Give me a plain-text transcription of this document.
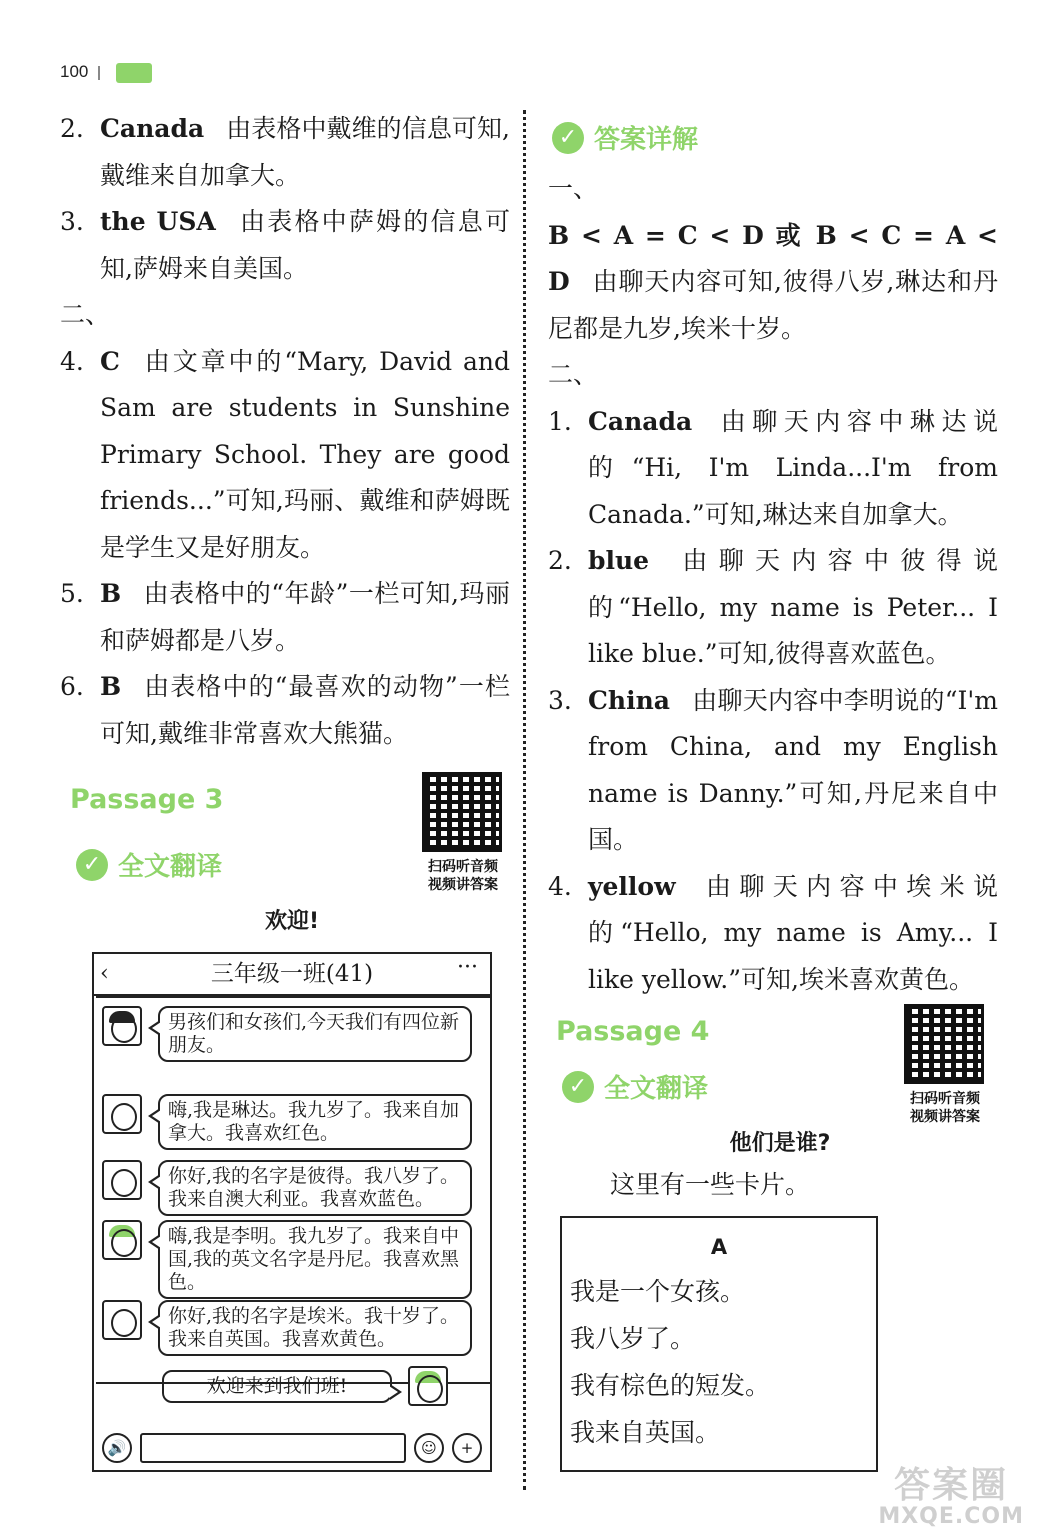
100
2. Canada 由表格中戴维的信息可知,戴维来自加拿大。
3. the USA 由表格中萨姆的信息可知,萨姆来自美国。
二、
4. C 由文章中的“Mary, David and Sam are students in Sunshine Primary School. They are good friends...”可知,玛丽、戴维和萨姆既是学生又是好朋友。
5. B 由表格中的“年龄”一栏可知,玛丽和萨姆都是八岁。
6. B 由表格中的“最喜欢的动物”一栏可知,戴维非常喜欢大熊猫。
Passage 3
✓ 全文翻译	扫码听音频
视频讲答案
欢迎!
‹	三年级一班(41)	···
男孩们和女孩们,今天我们有四位新朋友。
嗨,我是琳达。我九岁了。我来自加拿大。我喜欢红色。
你好,我的名字是彼得。我八岁了。我来自澳大利亚。我喜欢蓝色。
嗨,我是李明。我九岁了。我来自中国,我的英文名字是丹尼。我喜欢黑色。
你好,我的名字是埃米。我十岁了。我来自英国。我喜欢黄色。
欢迎来到我们班!
🔊	☺	+
✓ 答案详解
一、
B < A = C < D 或 B < C = A < D 由聊天内容可知,彼得八岁,琳达和丹尼都是九岁,埃米十岁。
二、
1. Canada 由聊天内容中琳达说的“Hi, I'm Linda...I'm from Canada.”可知,琳达来自加拿大。
2. blue 由聊天内容中彼得说的“Hello, my name is Peter... I like blue.”可知,彼得喜欢蓝色。
3. China 由聊天内容中李明说的“I'm from China, and my English name is Danny.”可知,丹尼来自中国。
4. yellow 由聊天内容中埃米说的“Hello, my name is Amy... I like yellow.”可知,埃米喜欢黄色。
Passage 4
✓ 全文翻译	扫码听音频
视频讲答案
他们是谁?
这里有一些卡片。
A
我是一个女孩。
我八岁了。
我有棕色的短发。
我来自英国。
答案圈
MXQE.COM
